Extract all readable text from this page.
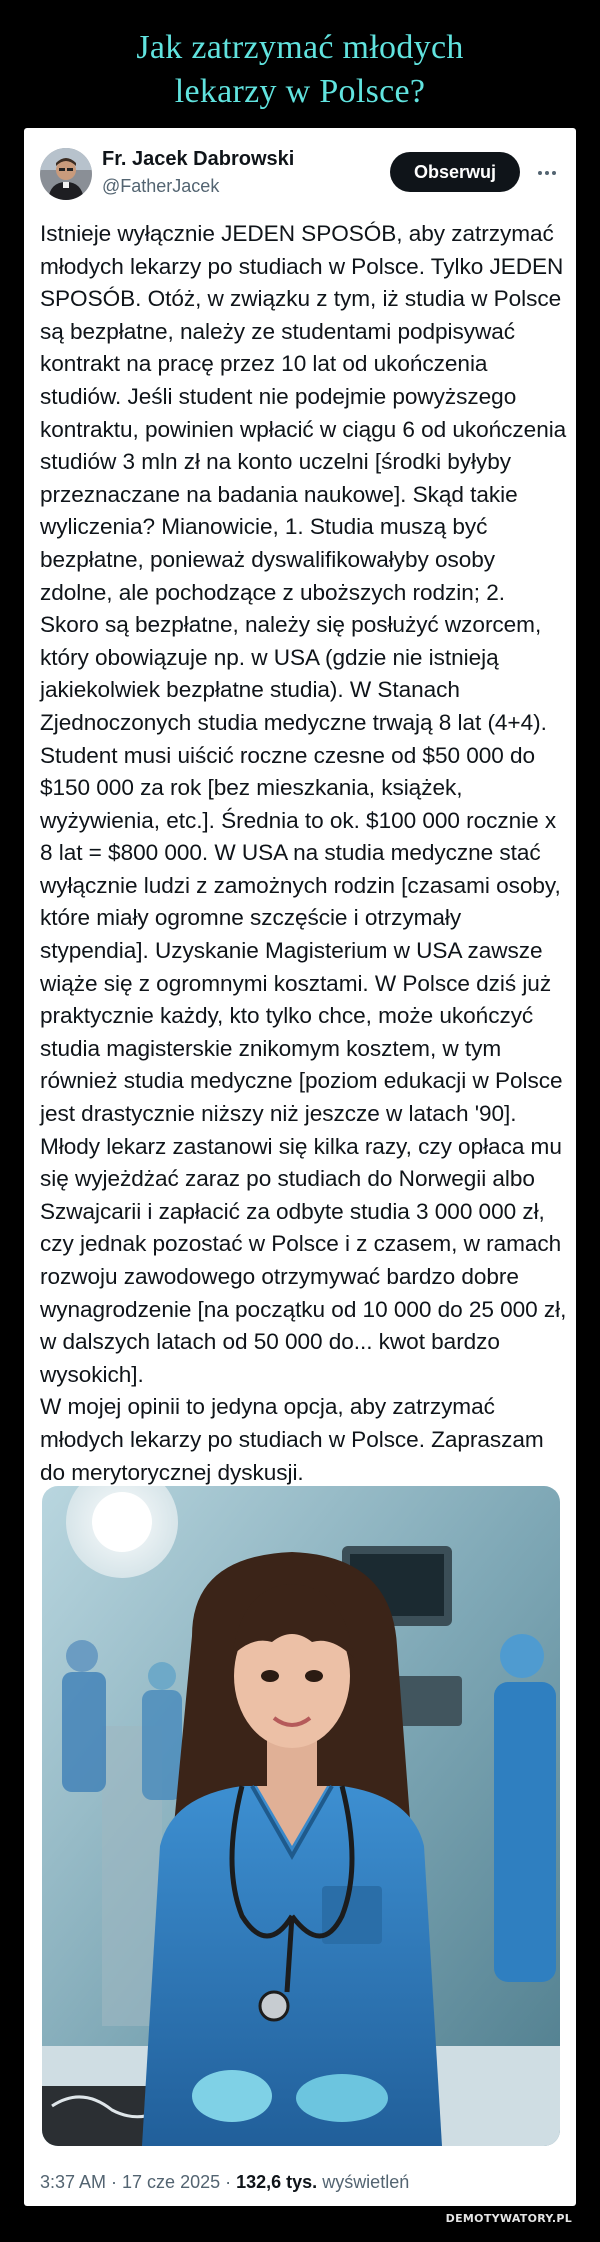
Jak zatrzymać młodych
lekarzy w Polsce?
Fr. Jacek Dabrowski
@FatherJacek
Obserwuj
Istnieje wyłącznie JEDEN SPOSÓB, aby zatrzymać młodych lekarzy po studiach w Polsce. Tylko JEDEN SPOSÓB. Otóż, w związku z tym, iż studia w Polsce są bezpłatne, należy ze studentami podpisywać kontrakt na pracę przez 10 lat od ukończenia studiów. Jeśli student nie podejmie powyższego kontraktu, powinien wpłacić w ciągu 6 od ukończenia studiów 3 mln zł na konto uczelni [środki byłyby przeznaczane na badania naukowe]. Skąd takie wyliczenia? Mianowicie, 1. Studia muszą być bezpłatne, ponieważ dyswalifikowałyby osoby zdolne, ale pochodzące z uboższych rodzin; 2. Skoro są bezpłatne, należy się posłużyć wzorcem, który obowiązuje np. w USA (gdzie nie istnieją jakiekolwiek bezpłatne studia). W Stanach Zjednoczonych studia medyczne trwają 8 lat (4+4). Student musi uiścić roczne czesne od $50 000 do $150 000 za rok [bez mieszkania, książek, wyżywienia, etc.]. Średnia to ok. $100 000 rocznie x 8 lat = $800 000. W USA na studia medyczne stać wyłącznie ludzi z zamożnych rodzin [czasami osoby, które miały ogromne szczęście i otrzymały stypendia]. Uzyskanie Magisterium w USA zawsze wiąże się z ogromnymi kosztami. W Polsce dziś już praktycznie każdy, kto tylko chce, może ukończyć studia magisterskie znikomym kosztem, w tym również studia medyczne [poziom edukacji w Polsce jest drastycznie niższy niż jeszcze w latach '90]. Młody lekarz zastanowi się kilka razy, czy opłaca mu się wyjeżdżać zaraz po studiach do Norwegii albo Szwajcarii i zapłacić za odbyte studia 3 000 000 zł, czy jednak pozostać w Polsce i z czasem, w ramach rozwoju zawodowego otrzymywać bardzo dobre wynagrodzenie [na początku od 10 000 do 25 000 zł, w dalszych latach od 50 000 do... kwot bardzo wysokich].
W mojej opinii to jedyna opcja, aby zatrzymać młodych lekarzy po studiach w Polsce. Zapraszam do merytorycznej dyskusji.
3:37 AM · 17 cze 2025 · 132,6 tys. wyświetleń
DEMOTYWATORY.PL
